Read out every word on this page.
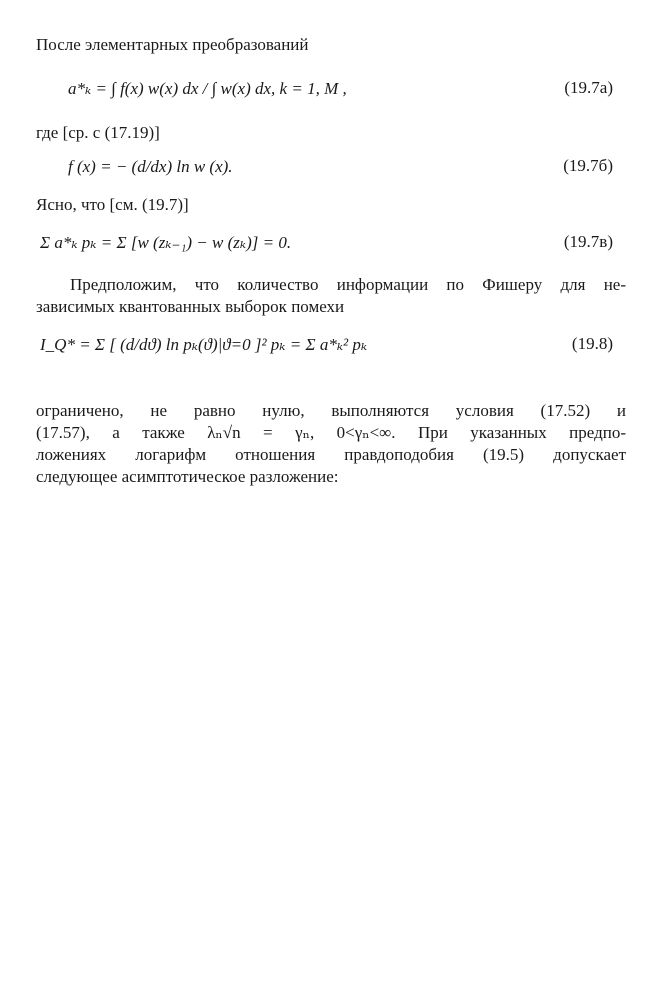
После элементарных преобразований
a*ₖ = ∫ f(x) w(x) dx / ∫ w(x) dx, k = 1, M ,	(19.7а)
где [ср. с (17.19)]
f (x) = − (d/dx) ln w (x).	(19.7б)
Ясно, что [см. (19.7)]
Σ a*ₖ pₖ = Σ [w (zₖ₋₁) − w (zₖ)] = 0.	(19.7в)
Предположим, что количество информации по Фишеру для не-
зависимых квантованных выборок помехи
I_Q* = Σ [ (d/dϑ) ln pₖ(ϑ)|ϑ=0 ]² pₖ = Σ a*ₖ² pₖ	(19.8)
ограничено, не равно нулю, выполняются условия (17.52) и
(17.57), а также λₙ√n = γₙ, 0<γₙ<∞. При указанных предпо-
ложениях логарифм отношения правдоподобия (19.5) допускает
следующее асимптотическое разложение:
